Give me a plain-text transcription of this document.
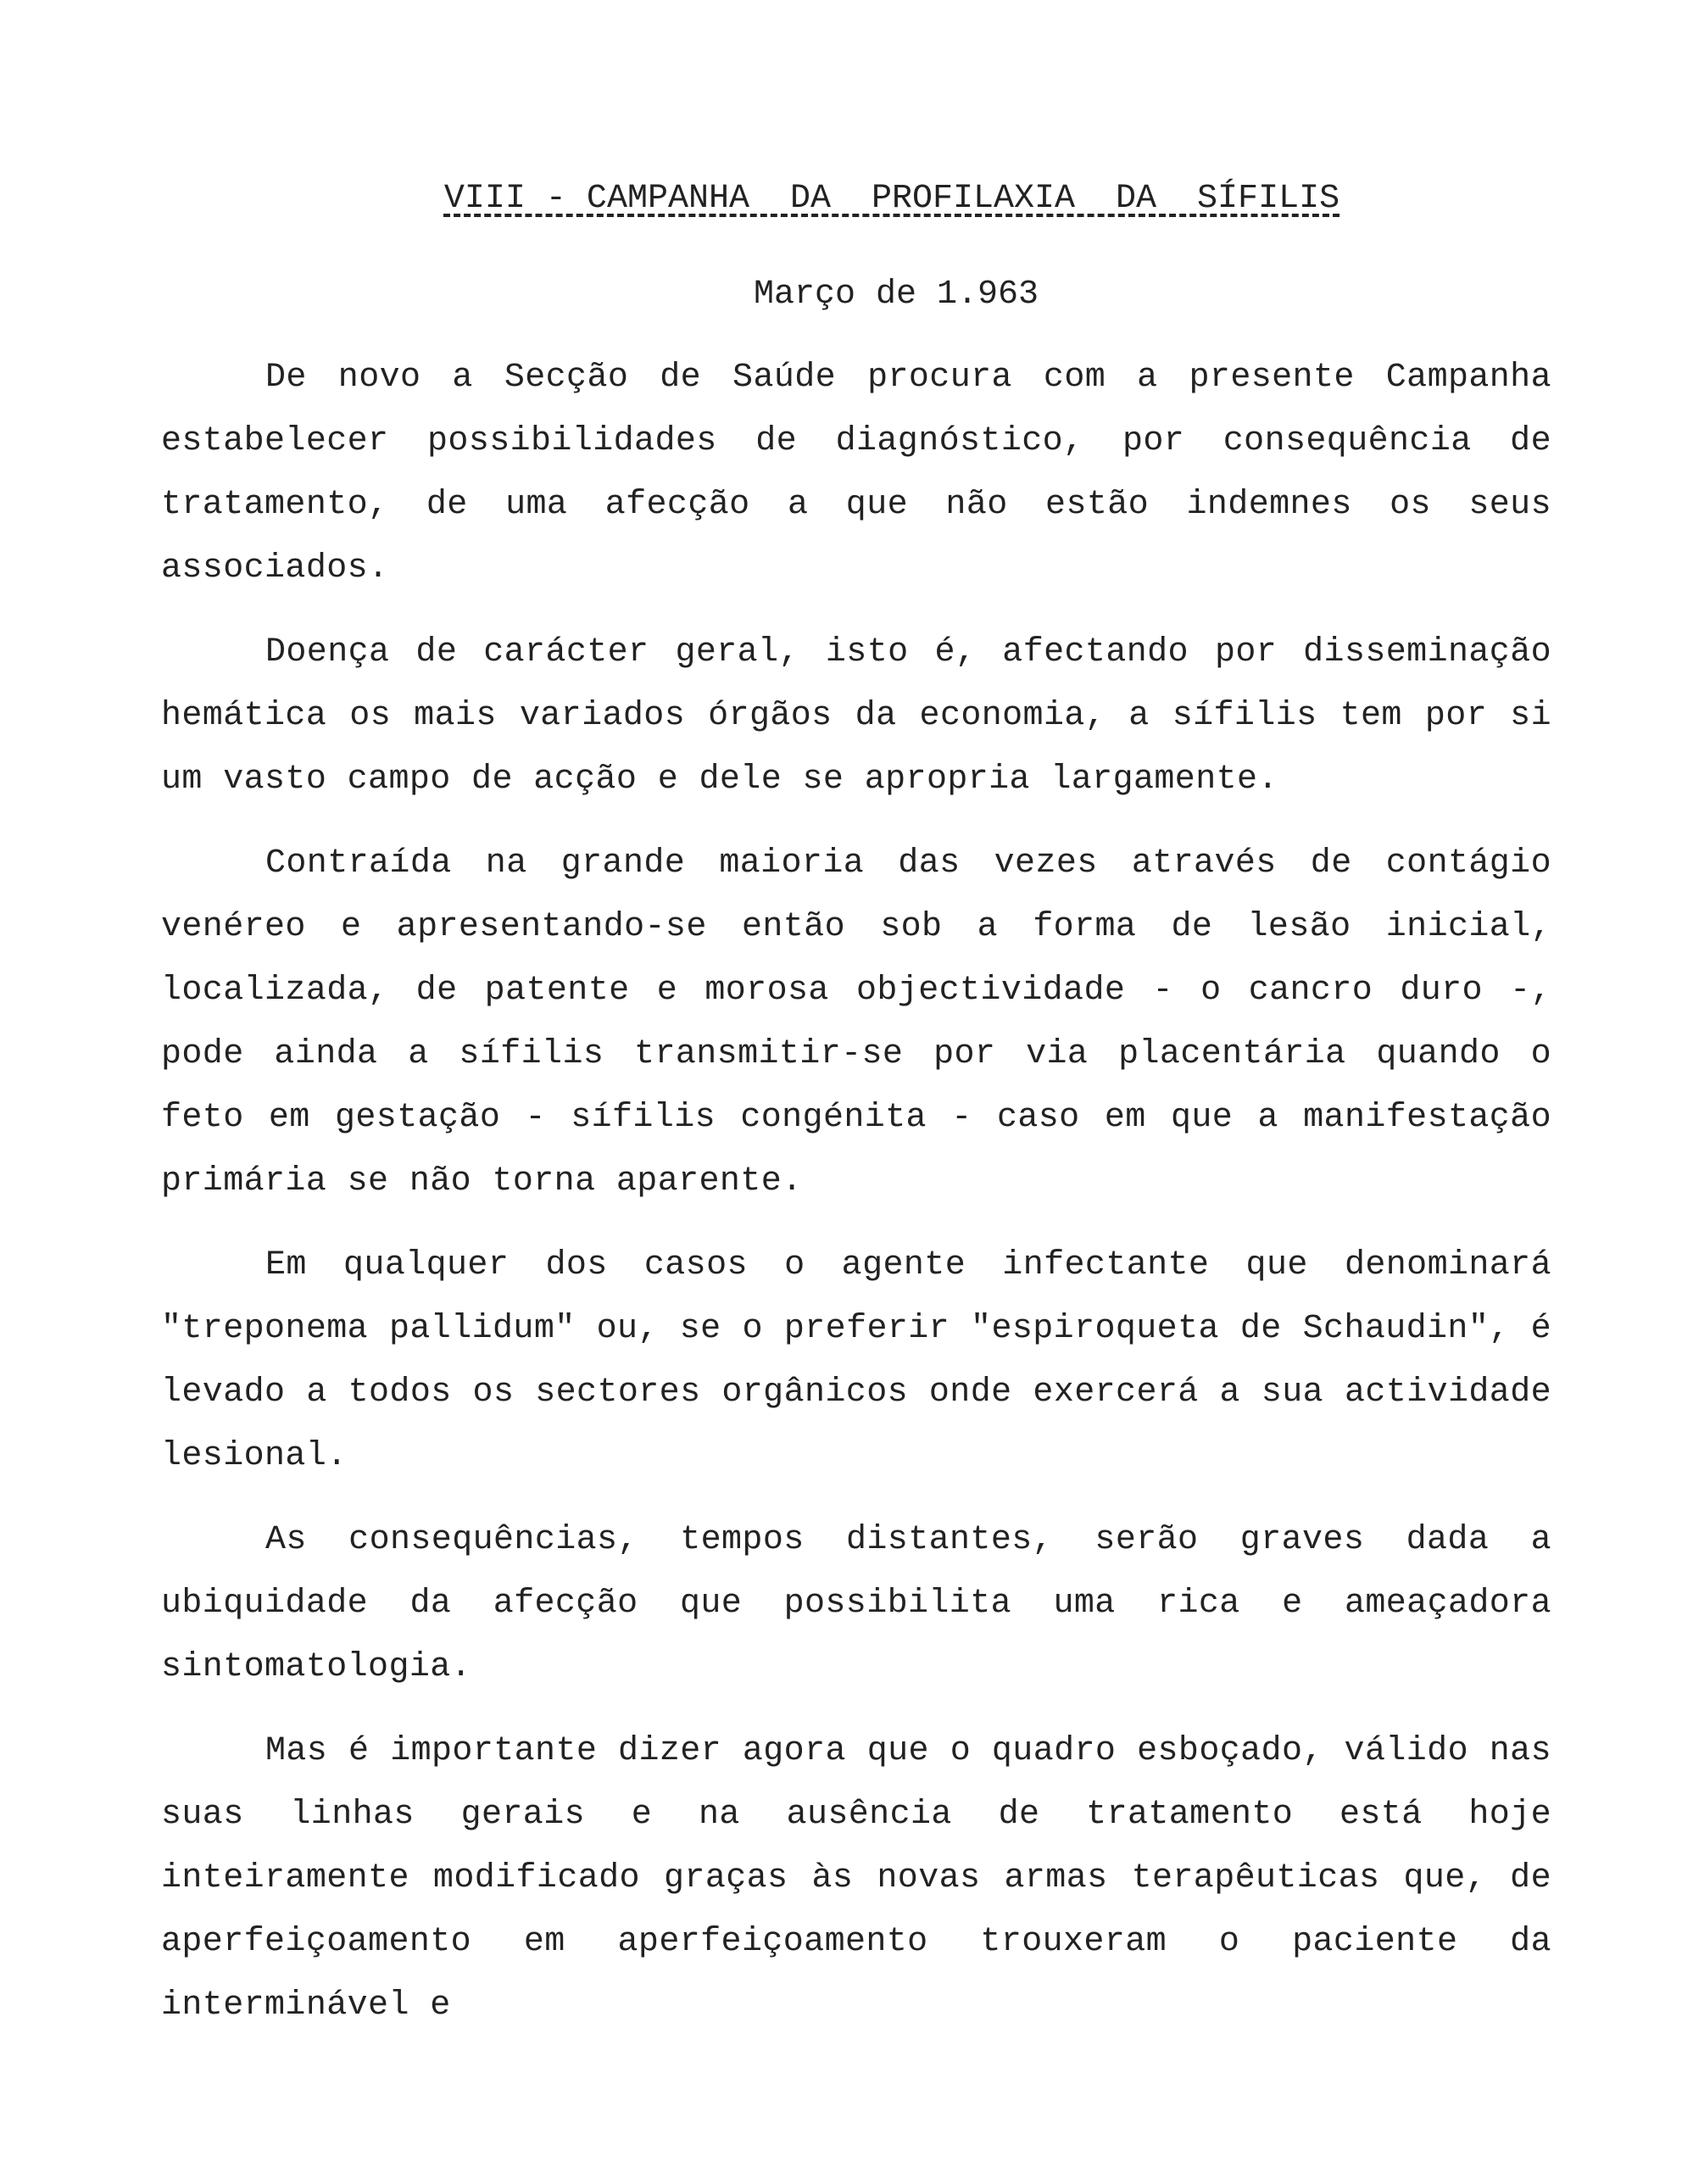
VIII - CAMPANHA  DA  PROFILAXIA  DA  SÍFILIS
Março de 1.963

De novo a Secção de Saúde procura com a presente Campanha estabelecer possibilidades de diagnóstico, por consequência de tratamento, de uma afecção a que não estão indemnes os seus associados.

Doença de carácter geral, isto é, afectando por disseminação hemática os mais variados órgãos da economia, a sífilis tem por si um vasto campo de acção e dele se apropria largamente.

Contraída na grande maioria das vezes através de contágio venéreo e apresentando-se então sob a forma de lesão inicial, localizada, de patente e morosa objectividade - o cancro duro -, pode ainda a sífilis transmitir-se por via placentária quando o feto em gestação - sífilis congénita - caso em que a manifestação primária se não torna aparente.

Em qualquer dos casos o agente infectante que denominará "treponema pallidum" ou, se o preferir "espiroqueta de Schaudin", é levado a todos os sectores orgânicos onde exercerá a sua actividade lesional.

As consequências, tempos distantes, serão graves dada a ubiquidade da afecção que possibilita uma rica e ameaçadora sintomatologia.

Mas é importante dizer agora que o quadro esboçado, válido nas suas linhas gerais e na ausência de tratamento está hoje inteiramente modificado graças às novas armas terapêuticas que, de aperfeiçoamento em aperfeiçoamento trouxeram o paciente da interminável e
